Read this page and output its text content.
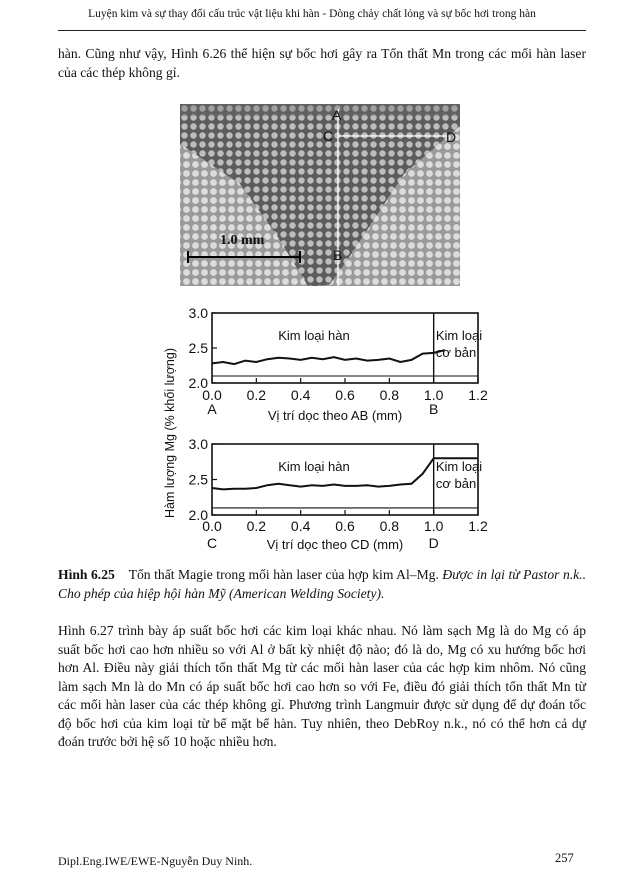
Luyện kim và sự thay đổi cấu trúc vật liệu khi hàn - Dòng chảy chất lỏng và sự bốc hơi trong hàn
hàn. Cũng như vậy, Hình 6.26 thể hiện sự bốc hơi gây ra Tổn thất Mn trong các mối hàn laser của các thép không gỉ.
A
C	D
B
1.0 mm
Hàm lượng Mg (% khối lượng) 2.0
2.5
3.0
0.0 0.2 0.4 0.6 0.8 1.0 1.2
A	B
Vị trí dọc theo AB (mm)
Kim loại hàn	Kim loại
cơ bản
2.0
2.5
3.0
0.0 0.2 0.4 0.6 0.8 1.0 1.2
C	D
Vị trí dọc theo CD (mm)
Kim loại hàn	Kim loại
cơ bản
Hình 6.25 Tổn thất Magie trong mối hàn laser của hợp kim Al–Mg. Được in lại từ Pastor n.k.. Cho phép của hiệp hội hàn Mỹ (American Welding Society).
Hình 6.27 trình bày áp suất bốc hơi các kim loại khác nhau. Nó làm sạch Mg là do Mg có áp suất bốc hơi cao hơn nhiều so với Al ở bất kỳ nhiệt độ nào; đó là do, Mg có xu hướng bốc hơi hơn Al. Điều này giải thích tổn thất Mg từ các mối hàn laser của các hợp kim nhôm. Nó cũng làm sạch Mn là do Mn có áp suất bốc hơi cao hơn so với Fe, điều đó giải thích tổn thất Mn từ các mối hàn laser của các thép không gỉ. Phương trình Langmuir được sử dụng để dự đoán tốc độ bốc hơi của kim loại từ bể mặt bể hàn. Tuy nhiên, theo DebRoy n.k., nó có thể hơn cả dự đoán trước bởi hệ số 10 hoặc nhiều hơn.
Dipl.Eng.IWE/EWE-Nguyễn Duy Ninh.	257
